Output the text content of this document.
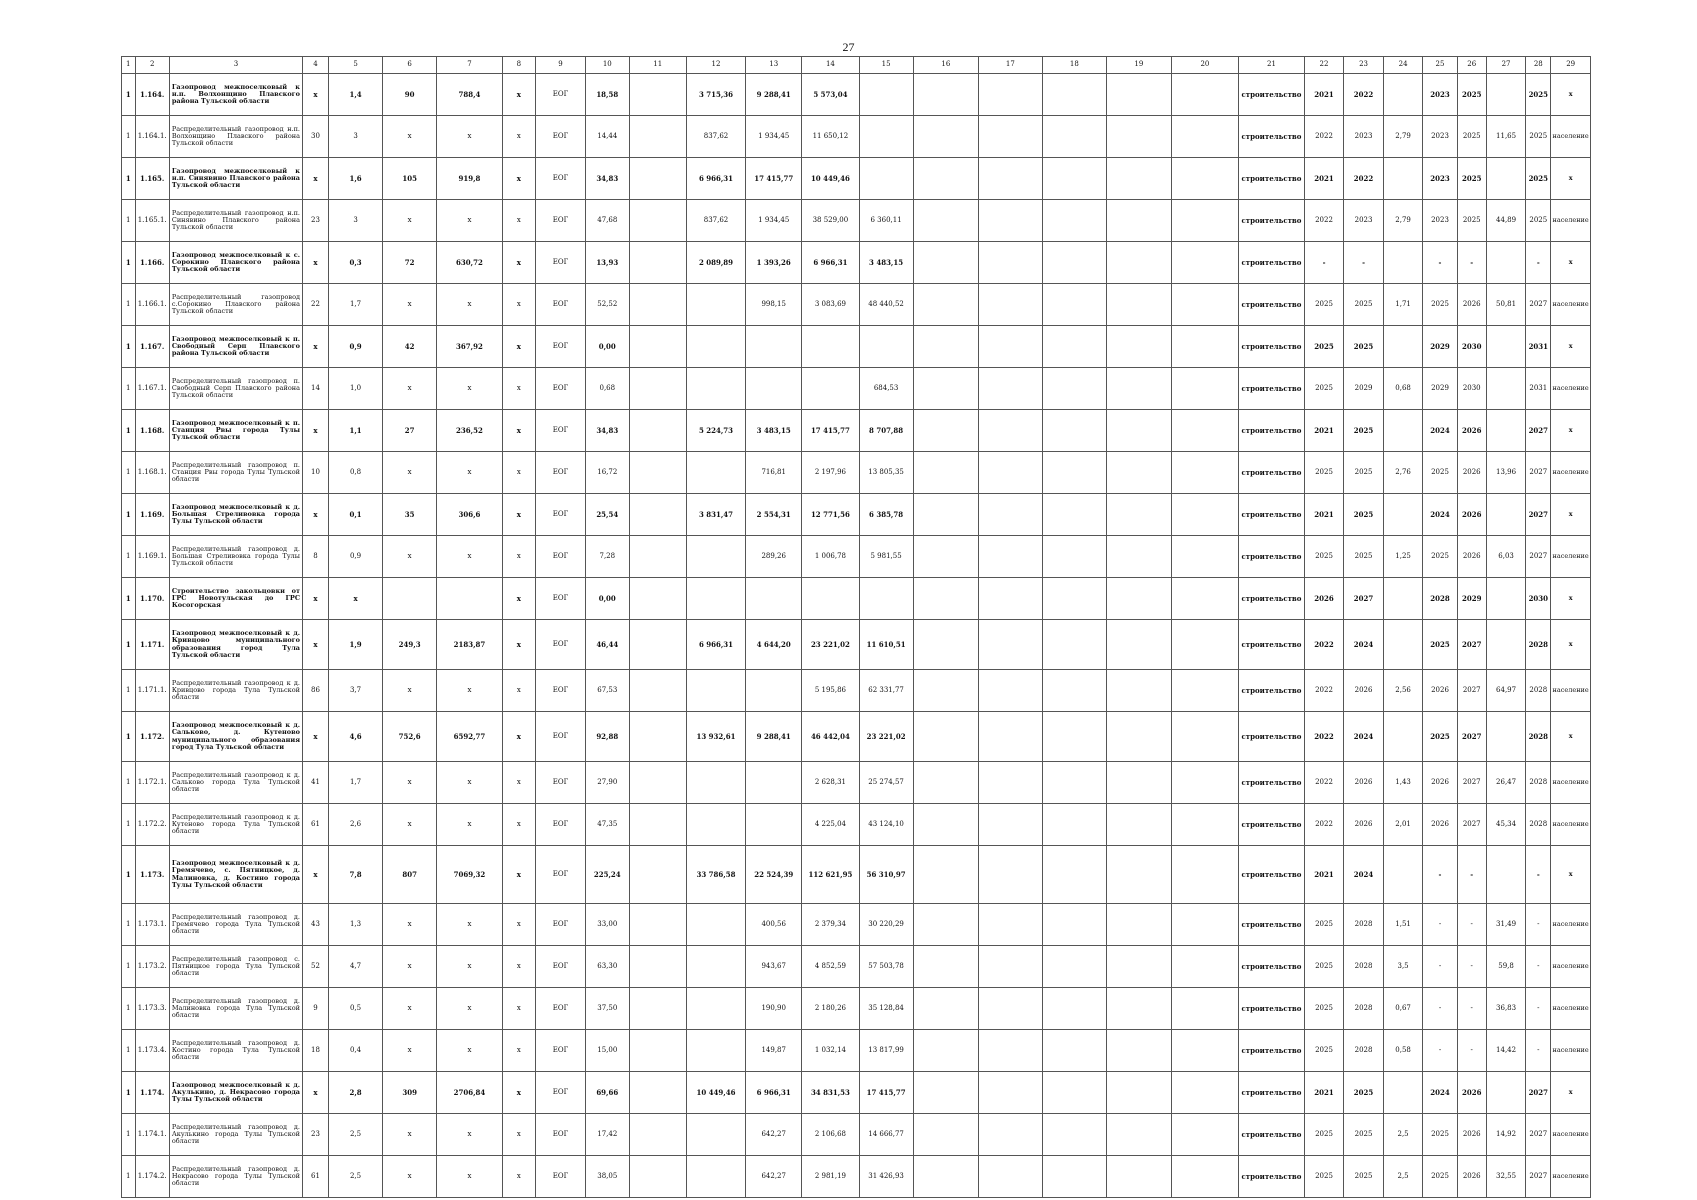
27
1	2	3	4	5	6	7	8	9	10	11	12	13	14	15	16	17	18	19	20	21	22	23	24	25	26	27	28	29
1	1.164.	Газопровод межпоселковый к н.п. Волхонщино Плавского района Тульской области	х	1,4	90	788,4	х	ЕОГ	18,58		3 715,36	9 288,41	5 573,04							строительство	2021	2022		2023	2025		2025	х
1	1.164.1.	Распределительный газопровод н.п. Волхонщино Плавского района Тульской области	30	3	х	х	х	ЕОГ	14,44		837,62	1 934,45	11 650,12							строительство	2022	2023	2,79	2023	2025	11,65	2025	население
1	1.165.	Газопровод межпоселковый к н.п. Синявино Плавского района Тульской области	х	1,6	105	919,8	х	ЕОГ	34,83		6 966,31	17 415,77	10 449,46							строительство	2021	2022		2023	2025		2025	х
1	1.165.1.	Распределительный газопровод н.п. Синявино Плавского района Тульской области	23	3	х	х	х	ЕОГ	47,68		837,62	1 934,45	38 529,00	6 360,11						строительство	2022	2023	2,79	2023	2025	44,89	2025	население
1	1.166.	Газопровод межпоселковый к с. Сорокино Плавского района Тульской области	х	0,3	72	630,72	х	ЕОГ	13,93		2 089,89	1 393,26	6 966,31	3 483,15						строительство	-	-		-	-		-	х
1	1.166.1.	Распределительный газопровод с.Сорокино Плавского района Тульской области	22	1,7	х	х	х	ЕОГ	52,52			998,15	3 083,69	48 440,52						строительство	2025	2025	1,71	2025	2026	50,81	2027	население
1	1.167.	Газопровод межпоселковый к п. Свободный Серп Плавского района Тульской области	х	0,9	42	367,92	х	ЕОГ	0,00											строительство	2025	2025		2029	2030		2031	х
1	1.167.1.	Распределительный газопровод п. Свободный Серп Плавского района Тульской области	14	1,0	х	х	х	ЕОГ	0,68					684,53						строительство	2025	2029	0,68	2029	2030		2031	население
1	1.168.	Газопровод межпоселковый к п. Станция Рвы города Тулы Тульской области	х	1,1	27	236,52	х	ЕОГ	34,83		5 224,73	3 483,15	17 415,77	8 707,88						строительство	2021	2025		2024	2026		2027	х
1	1.168.1.	Распределительный газопровод п. Станция Рвы города Тулы Тульской области	10	0,8	х	х	х	ЕОГ	16,72			716,81	2 197,96	13 805,35						строительство	2025	2025	2,76	2025	2026	13,96	2027	население
1	1.169.	Газопровод межпоселковый к д. Большая Стреливовка города Тулы Тульской области	х	0,1	35	306,6	х	ЕОГ	25,54		3 831,47	2 554,31	12 771,56	6 385,78						строительство	2021	2025		2024	2026		2027	х
1	1.169.1.	Распределительный газопровод д. Большая Стреливовка города Тулы Тульской области	8	0,9	х	х	х	ЕОГ	7,28			289,26	1 006,78	5 981,55						строительство	2025	2025	1,25	2025	2026	6,03	2027	население
1	1.170.	Строительство закольцовки от ГРС Новотульская до ГРС Косогорская	х	х			х	ЕОГ	0,00											строительство	2026	2027		2028	2029		2030	х
1	1.171.	Газопровод межпоселковый к д. Кривцово муниципального образования город Тула Тульской области	х	1,9	249,3	2183,87	х	ЕОГ	46,44		6 966,31	4 644,20	23 221,02	11 610,51						строительство	2022	2024		2025	2027		2028	х
1	1.171.1.	Распределительный газопровод к д. Кривцово города Тула Тульской области	86	3,7	х	х	х	ЕОГ	67,53				5 195,86	62 331,77						строительство	2022	2026	2,56	2026	2027	64,97	2028	население
1	1.172.	Газопровод межпоселковый к д. Сальково, д. Кутеново муниципального образования город Тула Тульской области	х	4,6	752,6	6592,77	х	ЕОГ	92,88		13 932,61	9 288,41	46 442,04	23 221,02						строительство	2022	2024		2025	2027		2028	х
1	1.172.1.	Распределительный газопровод к д. Сальково города Тула Тульской области	41	1,7	х	х	х	ЕОГ	27,90				2 628,31	25 274,57						строительство	2022	2026	1,43	2026	2027	26,47	2028	население
1	1.172.2.	Распределительный газопровод к д. Кутеново города Тула Тульской области	61	2,6	х	х	х	ЕОГ	47,35				4 225,04	43 124,10						строительство	2022	2026	2,01	2026	2027	45,34	2028	население
1	1.173.	Газопровод межпоселковый к д. Гремячево, с. Пятницкое, д. Малиновка, д. Костино города Тулы Тульской области	х	7,8	807	7069,32	х	ЕОГ	225,24		33 786,58	22 524,39	112 621,95	56 310,97						строительство	2021	2024		-	-		-	х
1	1.173.1.	Распределительный газопровод д. Гремячево города Тула Тульской области	43	1,3	х	х	х	ЕОГ	33,00			400,56	2 379,34	30 220,29						строительство	2025	2028	1,51	-	-	31,49	-	население
1	1.173.2.	Распределительный газопровод с. Пятницкое города Тула Тульской области	52	4,7	х	х	х	ЕОГ	63,30			943,67	4 852,59	57 503,78						строительство	2025	2028	3,5	-	-	59,8	-	население
1	1.173.3.	Распределительный газопровод д. Малиновка города Тула Тульской области	9	0,5	х	х	х	ЕОГ	37,50			190,90	2 180,26	35 128,84						строительство	2025	2028	0,67	-	-	36,83	-	население
1	1.173.4.	Распределительный газопровод д. Костино города Тула Тульской области	18	0,4	х	х	х	ЕОГ	15,00			149,87	1 032,14	13 817,99						строительство	2025	2028	0,58	-	-	14,42	-	население
1	1.174.	Газопровод межпоселковый к д. Акулькино, д. Некрасово города Тулы Тульской области	х	2,8	309	2706,84	х	ЕОГ	69,66		10 449,46	6 966,31	34 831,53	17 415,77						строительство	2021	2025		2024	2026		2027	х
1	1.174.1.	Распределительный газопровод д. Акулькино города Тулы Тульской области	23	2,5	х	х	х	ЕОГ	17,42			642,27	2 106,68	14 666,77						строительство	2025	2025	2,5	2025	2026	14,92	2027	население
1	1.174.2.	Распределительный газопровод д. Некрасово города Тулы Тульской области	61	2,5	х	х	х	ЕОГ	38,05			642,27	2 981,19	31 426,93						строительство	2025	2025	2,5	2025	2026	32,55	2027	население
